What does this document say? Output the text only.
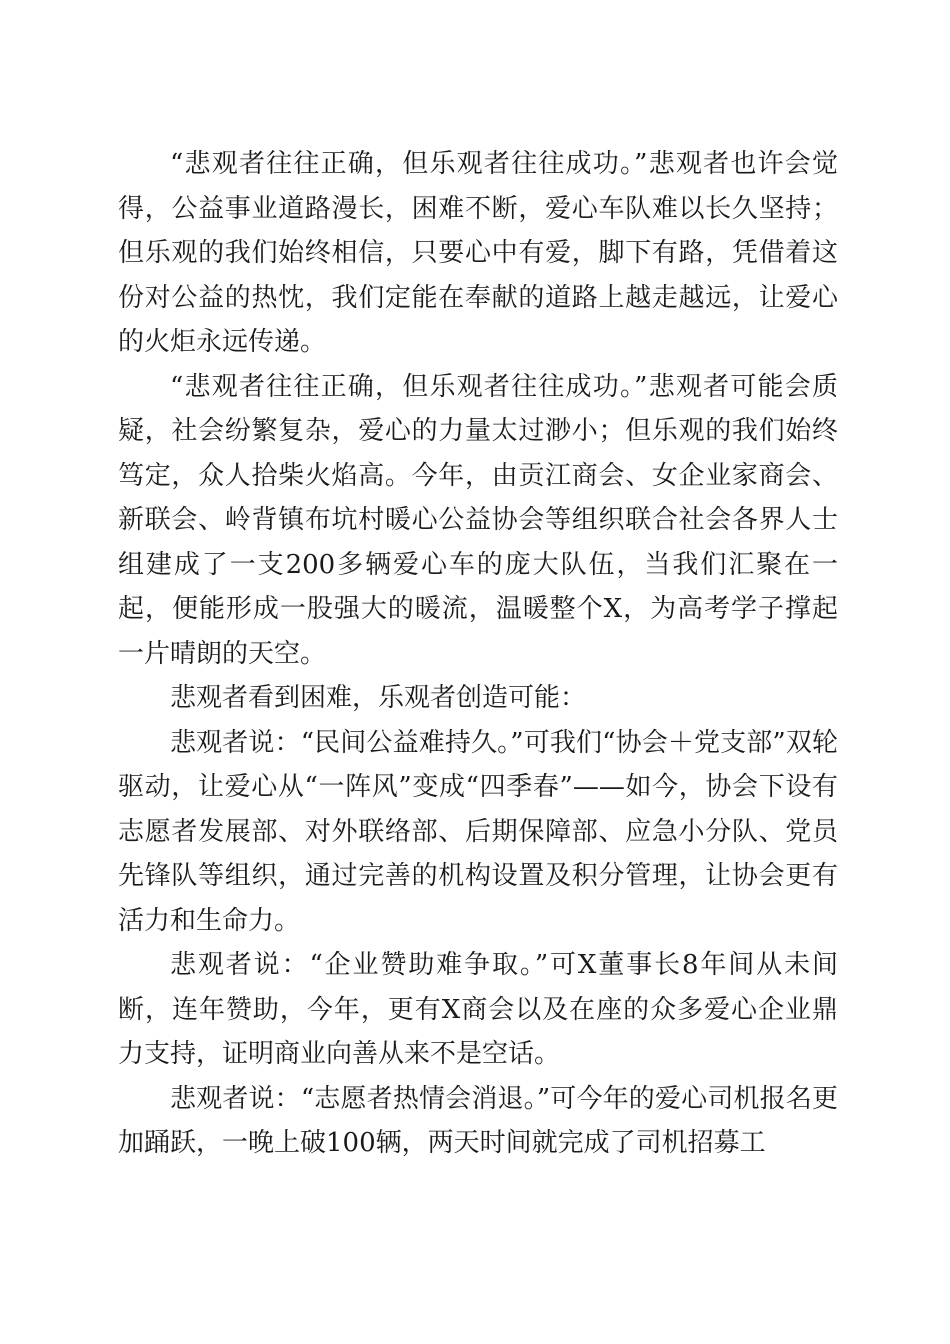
“悲观者往往正确，但乐观者往往成功。”悲观者也许会觉得，公益事业道路漫长，困难不断，爱心车队难以长久坚持；但乐观的我们始终相信，只要心中有爱，脚下有路，凭借着这份对公益的热忱，我们定能在奉献的道路上越走越远，让爱心的火炬永远传递。

“悲观者往往正确，但乐观者往往成功。”悲观者可能会质疑，社会纷繁复杂，爱心的力量太过渺小；但乐观的我们始终笃定，众人拾柴火焰高。今年，由贡江商会、女企业家商会、新联会、岭背镇布坑村暖心公益协会等组织联合社会各界人士组建成了一支200多辆爱心车的庞大队伍，当我们汇聚在一起，便能形成一股强大的暖流，温暖整个X，为高考学子撑起一片晴朗的天空。

悲观者看到困难，乐观者创造可能：

悲观者说：“民间公益难持久。”可我们“协会＋党支部”双轮驱动，让爱心从“一阵风”变成“四季春”——如今，协会下设有志愿者发展部、对外联络部、后期保障部、应急小分队、党员先锋队等组织，通过完善的机构设置及积分管理，让协会更有活力和生命力。

悲观者说：“企业赞助难争取。”可X董事长8年间从未间断，连年赞助，今年，更有X商会以及在座的众多爱心企业鼎力支持，证明商业向善从来不是空话。

悲观者说：“志愿者热情会消退。”可今年的爱心司机报名更加踊跃，一晚上破100辆，两天时间就完成了司机招募工
